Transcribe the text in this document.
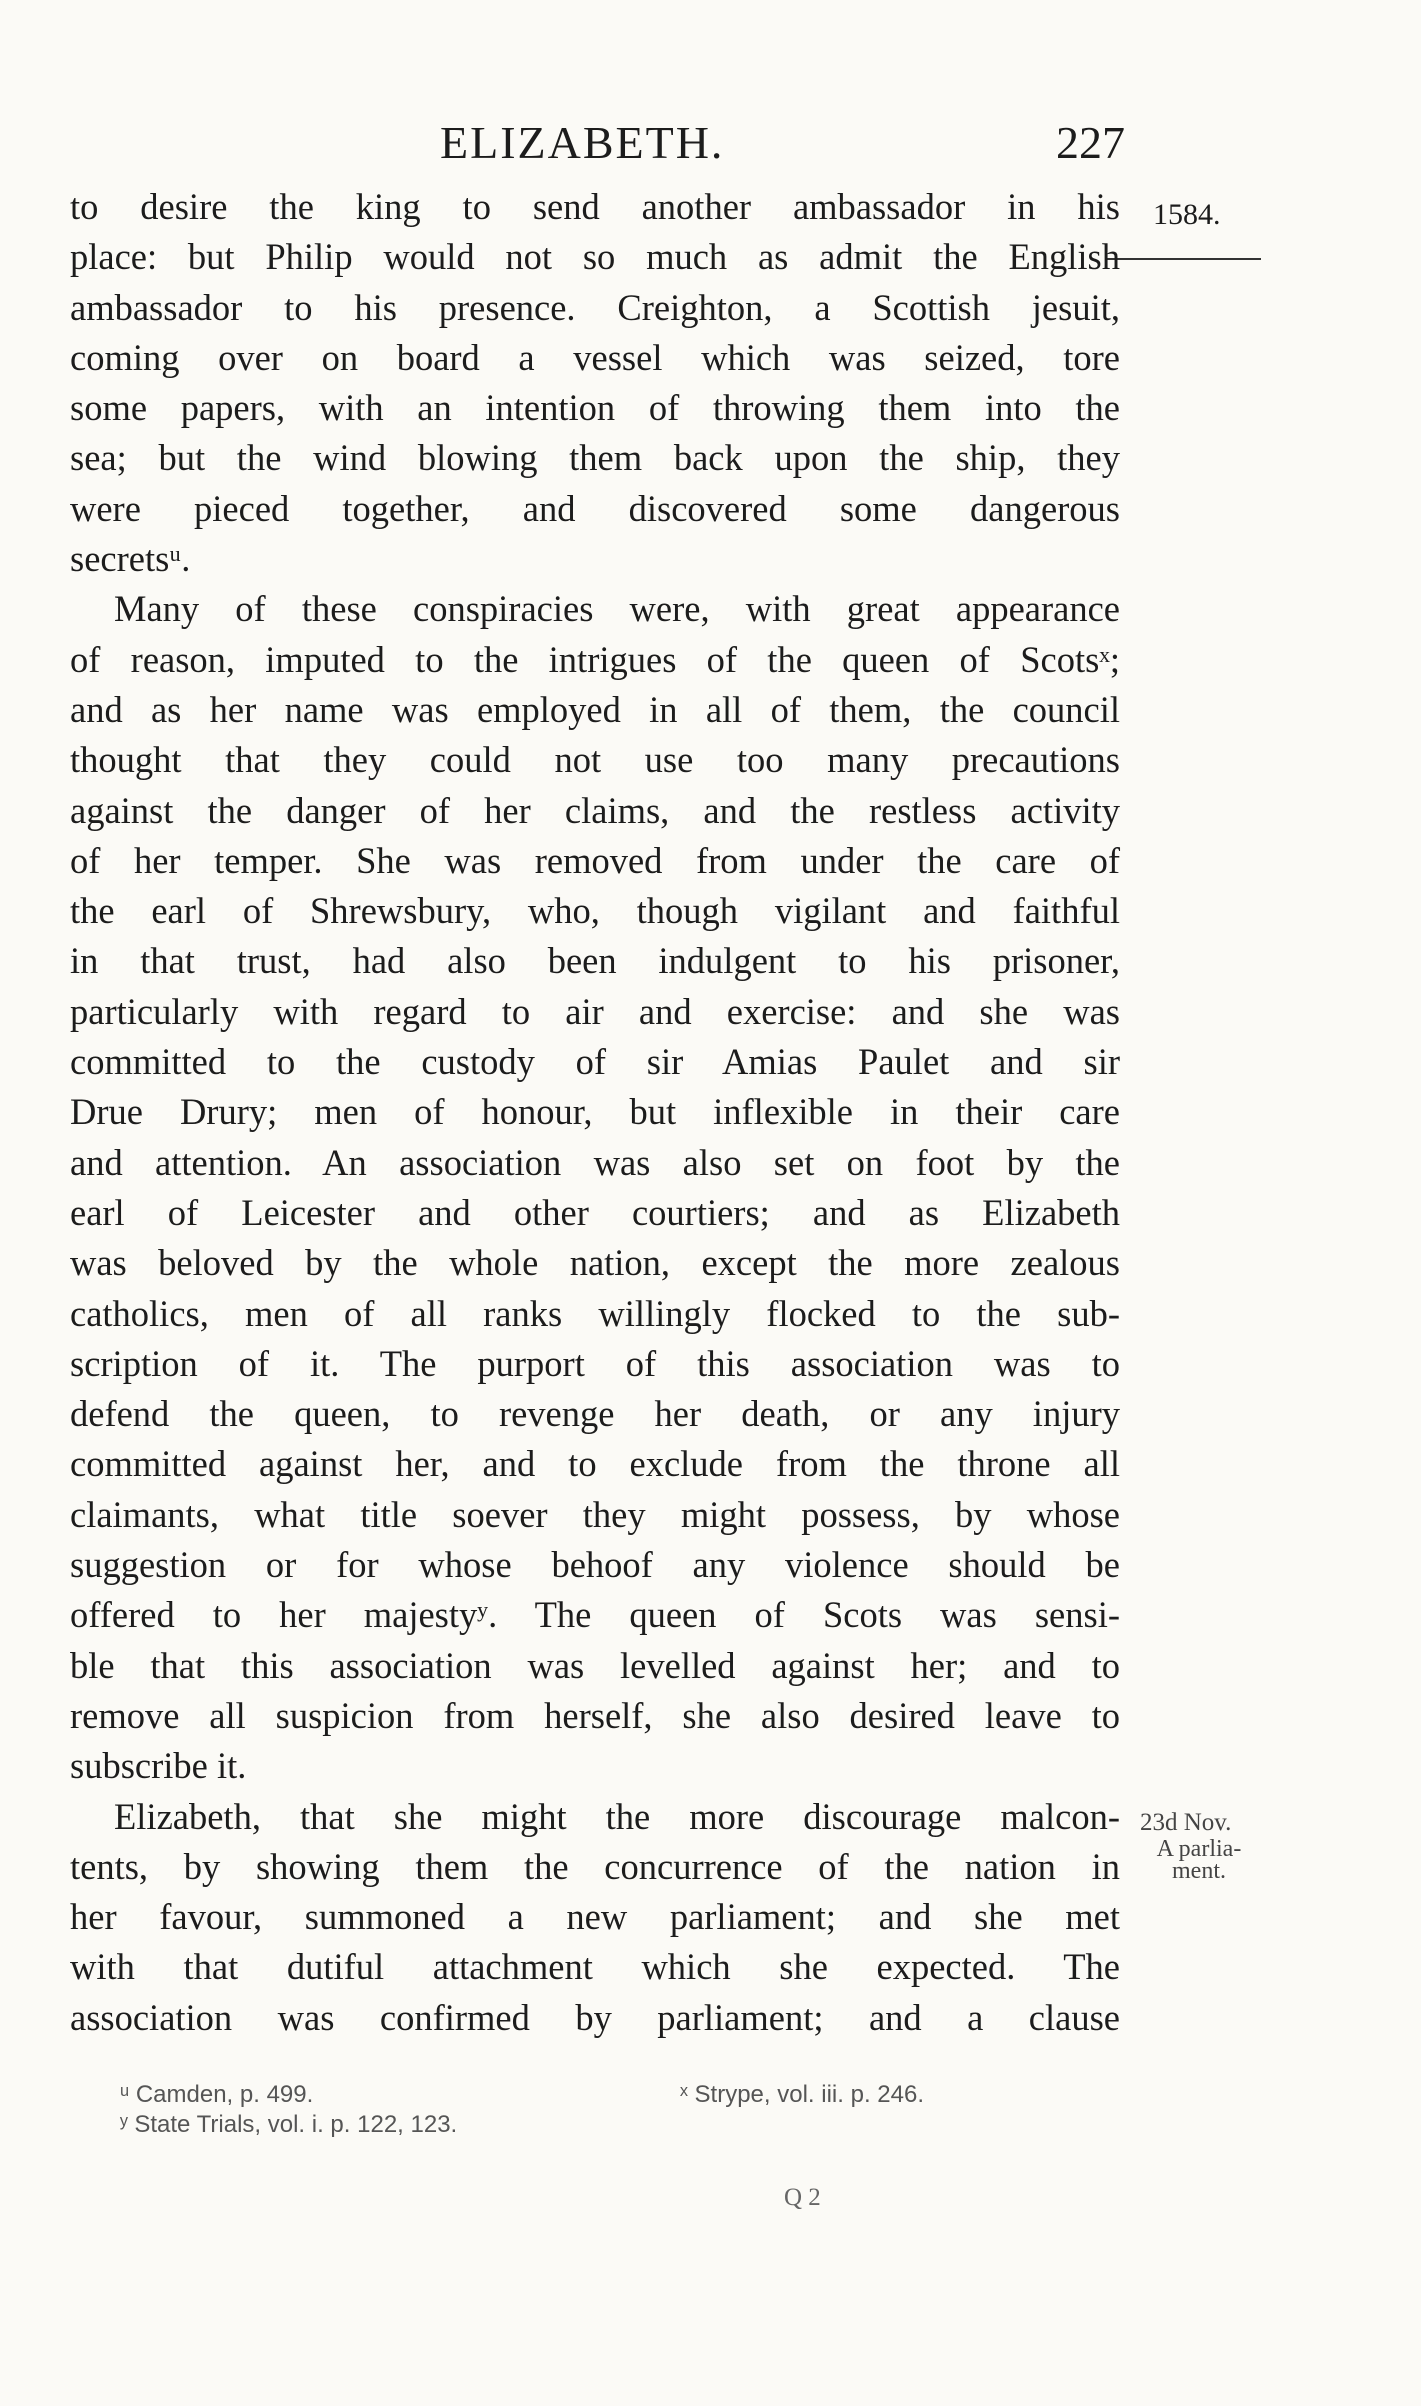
ELIZABETH.	227
1584.
to desire the king to send another ambassador in his
place: but Philip would not so much as admit the English
ambassador to his presence. Creighton, a Scottish jesuit,
coming over on board a vessel which was seized, tore
some papers, with an intention of throwing them into the
sea; but the wind blowing them back upon the ship, they
were pieced together, and discovered some dangerous
secretsᵘ.
Many of these conspiracies were, with great appearance
of reason, imputed to the intrigues of the queen of Scotsˣ;
and as her name was employed in all of them, the council
thought that they could not use too many precautions
against the danger of her claims, and the restless activity
of her temper. She was removed from under the care of
the earl of Shrewsbury, who, though vigilant and faithful
in that trust, had also been indulgent to his prisoner,
particularly with regard to air and exercise: and she was
committed to the custody of sir Amias Paulet and sir
Drue Drury; men of honour, but inflexible in their care
and attention. An association was also set on foot by the
earl of Leicester and other courtiers; and as Elizabeth
was beloved by the whole nation, except the more zealous
catholics, men of all ranks willingly flocked to the sub-
scription of it. The purport of this association was to
defend the queen, to revenge her death, or any injury
committed against her, and to exclude from the throne all
claimants, what title soever they might possess, by whose
suggestion or for whose behoof any violence should be
offered to her majestyʸ. The queen of Scots was sensi-
ble that this association was levelled against her; and to
remove all suspicion from herself, she also desired leave to
subscribe it.
Elizabeth, that she might the more discourage malcon-
tents, by showing them the concurrence of the nation in
her favour, summoned a new parliament; and she met
with that dutiful attachment which she expected. The
association was confirmed by parliament; and a clause
23d Nov.
A parlia- ment.
ᵘ Camden, p. 499.	ˣ Strype, vol. iii. p. 246.
ʸ State Trials, vol. i. p. 122, 123.
Q 2
